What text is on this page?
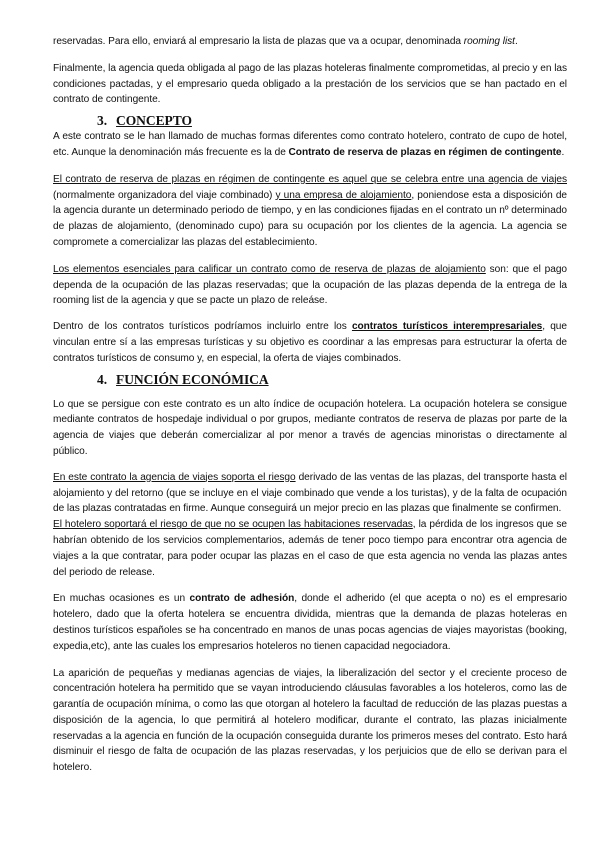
reservadas. Para ello, enviará al empresario la lista de plazas que va a ocupar, denominada rooming list.

Finalmente, la agencia queda obligada al pago de las plazas hoteleras finalmente comprometidas, al precio y en las condiciones pactadas, y el empresario queda obligado a la prestación de los servicios que se han pactado en el contrato de contingente.

3. CONCEPTO

A este contrato se le han llamado de muchas formas diferentes como contrato hotelero, contrato de cupo de hotel, etc. Aunque la denominación más frecuente es la de Contrato de reserva de plazas en régimen de contingente.

El contrato de reserva de plazas en régimen de contingente es aquel que se celebra entre una agencia de viajes (normalmente organizadora del viaje combinado) y una empresa de alojamiento, poniendose esta a disposición de la agencia durante un determinado periodo de tiempo, y en las condiciones fijadas en el contrato un nº determinado de plazas de alojamiento, (denominado cupo) para su ocupación por los clientes de la agencia. La agencia se compromete a comercializar las plazas del establecimiento.

Los elementos esenciales para calificar un contrato como de reserva de plazas de alojamiento son: que el pago dependa de la ocupación de las plazas reservadas; que la ocupación de las plazas dependa de la entrega de la rooming list de la agencia y que se pacte un plazo de releáse.

Dentro de los contratos turísticos podríamos incluirlo entre los contratos turísticos interempresariales, que vinculan entre sí a las empresas turísticas y su objetivo es coordinar a las empresas para estructurar la oferta de contratos turísticos de consumo y, en especial, la oferta de viajes combinados.

4. FUNCIÓN ECONÓMICA

Lo que se persigue con este contrato es un alto índice de ocupación hotelera. La ocupación hotelera se consigue mediante contratos de hospedaje individual o por grupos, mediante contratos de reserva de plazas por parte de la agencia de viajes que deberán comercializar al por menor a través de agencias minoristas o directamente al público.

En este contrato la agencia de viajes soporta el riesgo derivado de las ventas de las plazas, del transporte hasta el alojamiento y del retorno (que se incluye en el viaje combinado que vende a los turistas), y de la falta de ocupación de las plazas contratadas en firme. Aunque conseguirá un mejor precio en las plazas que finalmente se confirmen.

El hotelero soportará el riesgo de que no se ocupen las habitaciones reservadas, la pérdida de los ingresos que se habrían obtenido de los servicios complementarios, además de tener poco tiempo para encontrar otra agencia de viajes a la que contratar, para poder ocupar las plazas en el caso de que esta agencia no venda las plazas antes del periodo de release.

En muchas ocasiones es un contrato de adhesión, donde el adherido (el que acepta o no) es el empresario hotelero, dado que la oferta hotelera se encuentra dividida, mientras que la demanda de plazas hoteleras en destinos turísticos españoles se ha concentrado en manos de unas pocas agencias de viajes mayoristas (booking, expedia,etc), ante las cuales los empresarios hoteleros no tienen capacidad negociadora.

La aparición de pequeñas y medianas agencias de viajes, la liberalización del sector y el creciente proceso de concentración hotelera ha permitido que se vayan introduciendo cláusulas favorables a los hoteleros, como las de garantía de ocupación mínima, o como las que otorgan al hotelero la facultad de reducción de las plazas puestas a disposición de la agencia, lo que permitirá al hotelero modificar, durante el contrato, las plazas inicialmente reservadas a la agencia en función de la ocupación conseguida durante los primeros meses del contrato. Esto hará disminuir el riesgo de falta de ocupación de las plazas reservadas, y los perjuicios que de ello se derivan para el hotelero.
